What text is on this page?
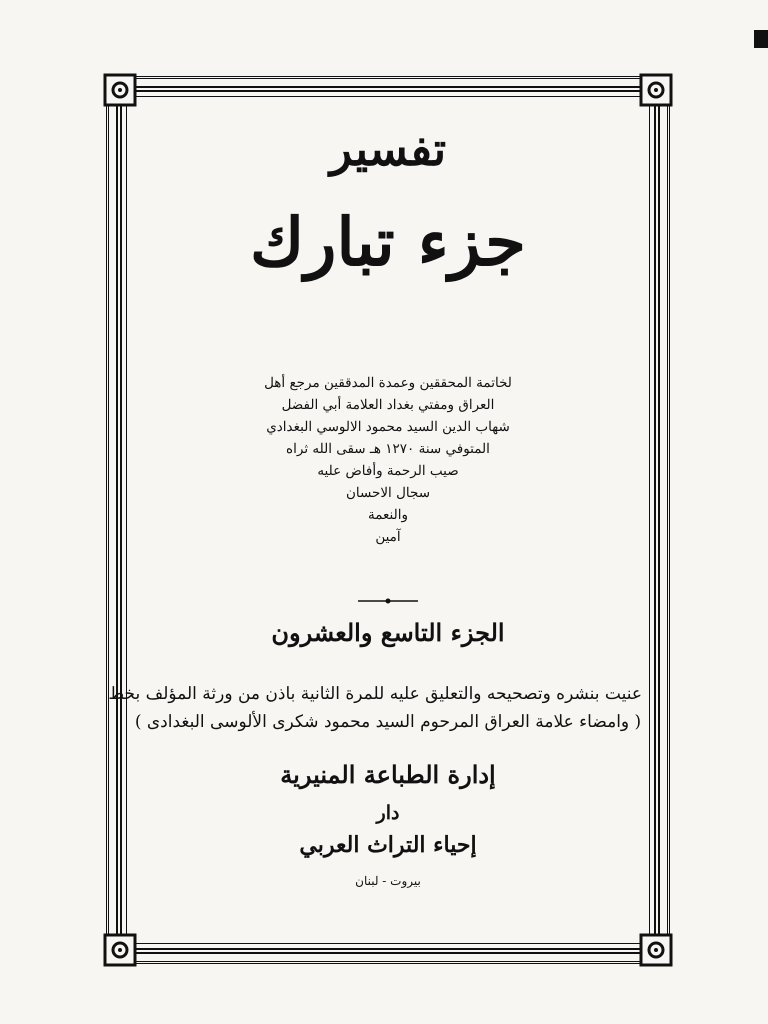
تفسير
جزء تبارك
لخاتمة المحققين وعمدة المدققين مرجع أهل
العراق ومفتي بغداد العلامة أبي الفضل
شهاب الدين السيد محمود الالوسي البغدادي
المتوفي سنة ١٢٧٠ هـ سقى الله ثراه
صيب الرحمة وأفاض عليه
سجال الاحسان
والنعمة
آمين
الجزء التاسع والعشرون
عنيت بنشره وتصحيحه والتعليق عليه للمرة الثانية باذن من ورثة المؤلف بخط
( وامضاء علامة العراق المرحوم السيد محمود شكرى الألوسى البغدادى )
إدارة الطباعة المنيرية
دار
إحياء التراث العربي
بيروت - لبنان
